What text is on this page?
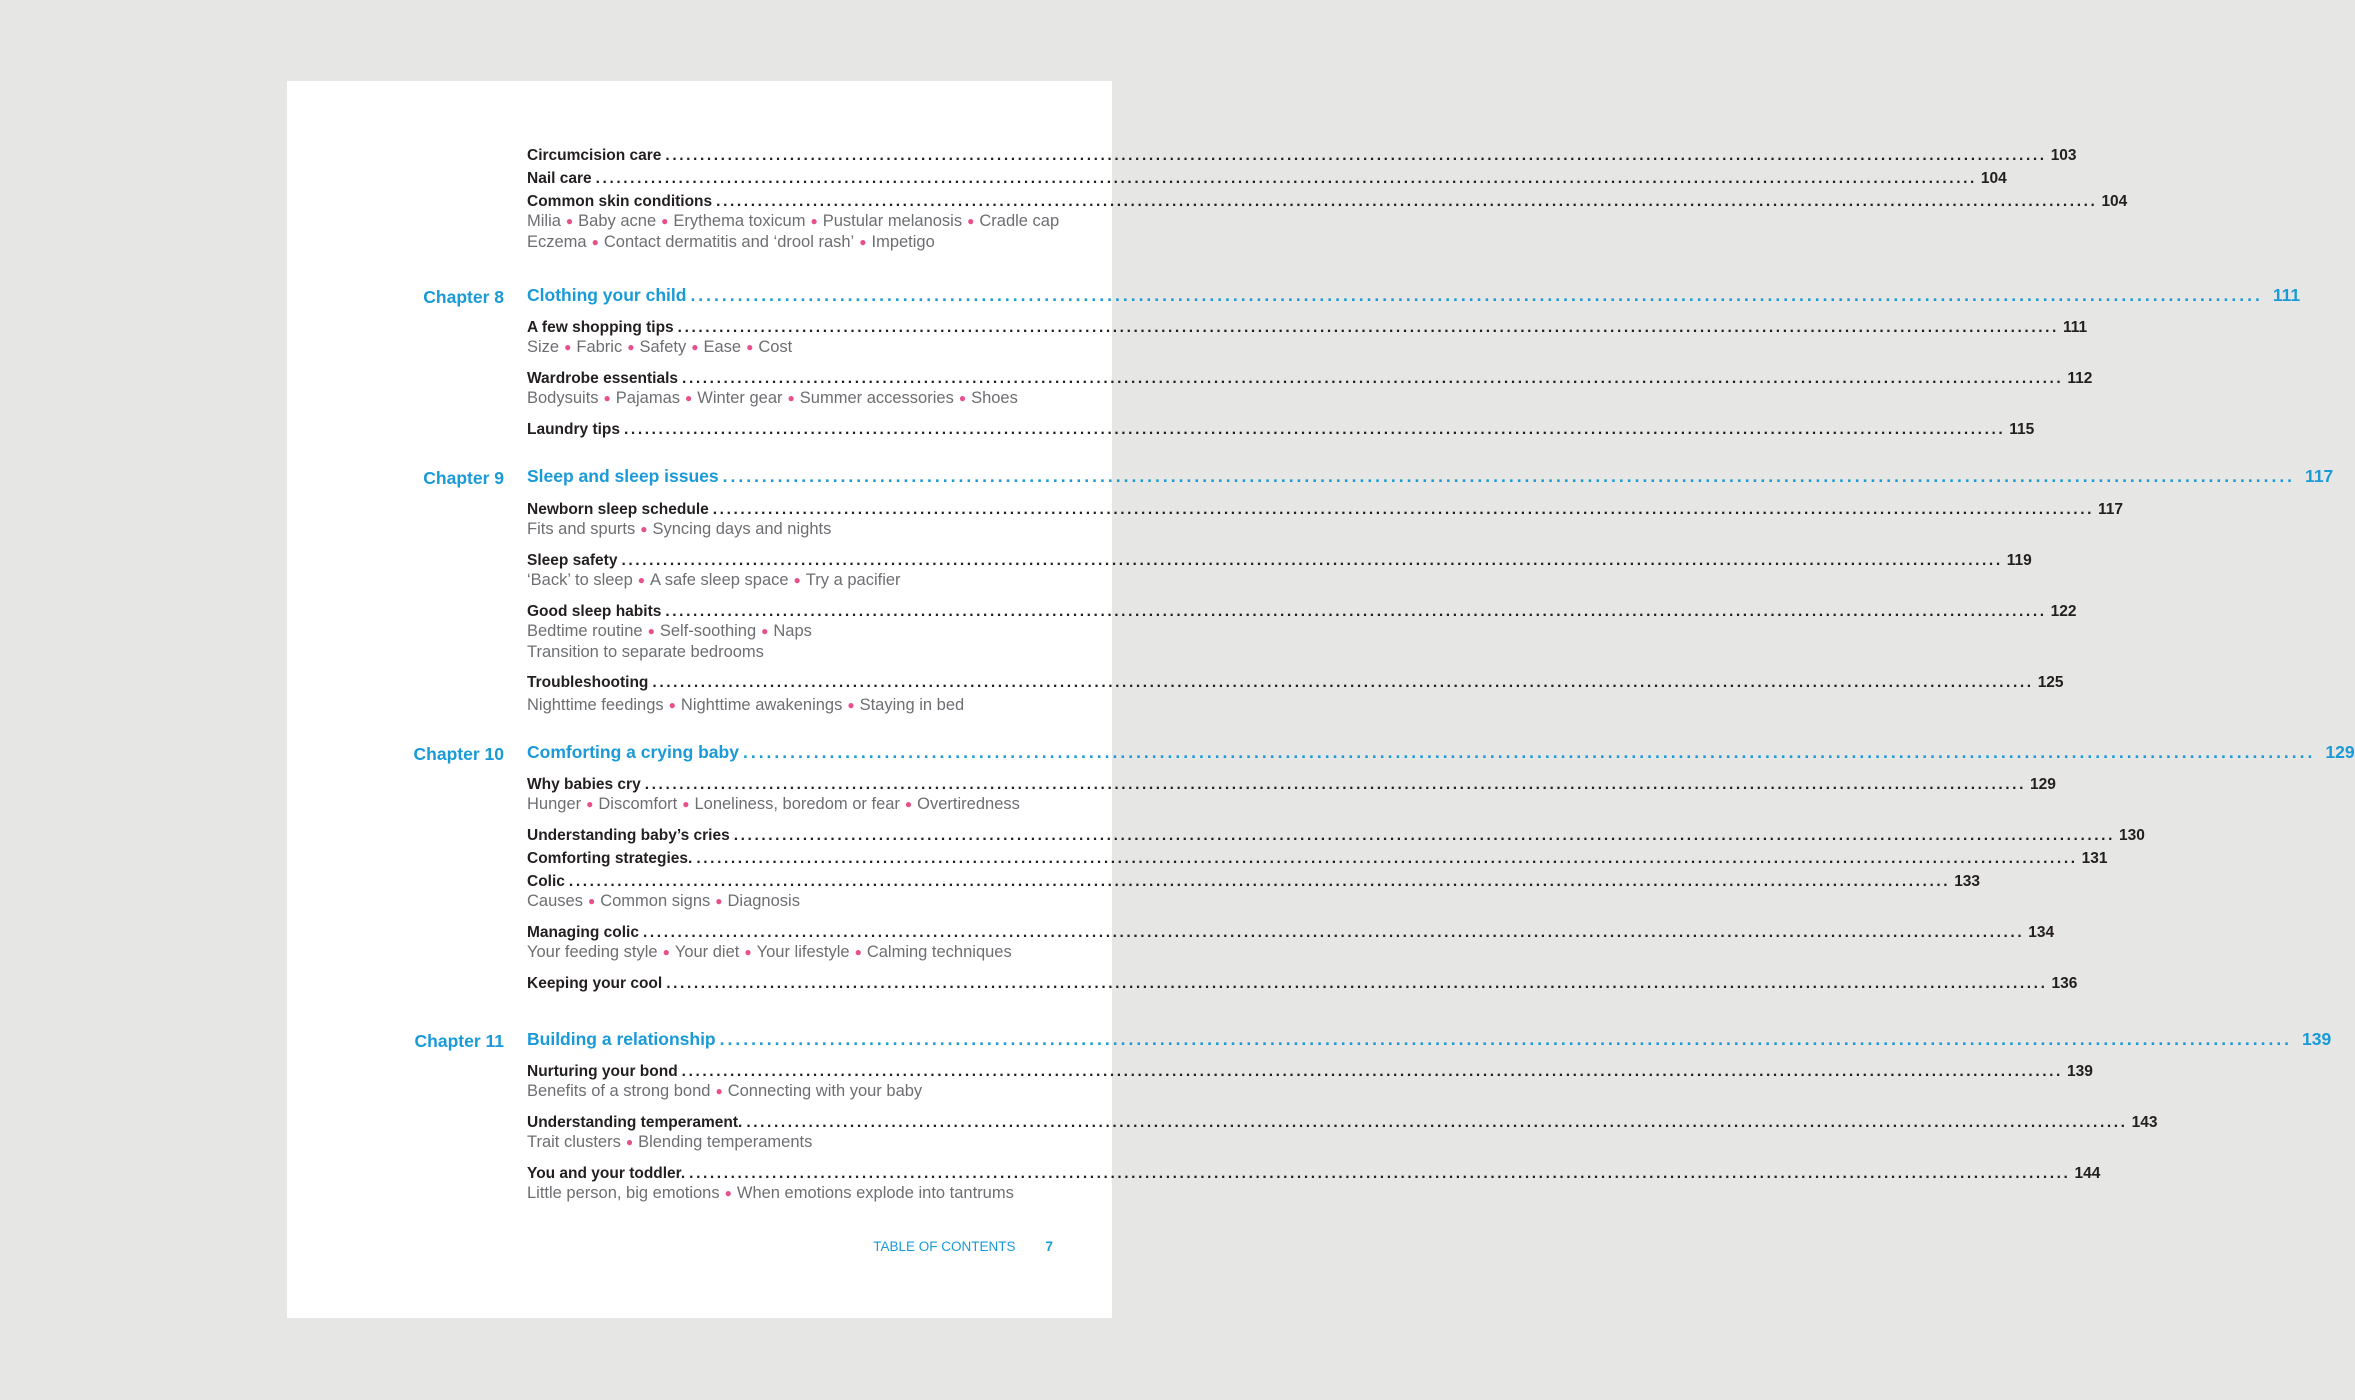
Circumcision care ........................................................................................................................................................................................................ 103
Nail care ........................................................................................................................................................................................................ 104
Common skin conditions ........................................................................................................................................................................................................ 104
Milia ● Baby acne ● Erythema toxicum ● Pustular melanosis ● Cradle cap
Eczema ● Contact dermatitis and ‘drool rash’ ● Impetigo
Chapter 8 Clothing your child ........................................................................................................................................................................................................ 111
A few shopping tips ........................................................................................................................................................................................................ 111
Size ● Fabric ● Safety ● Ease ● Cost
Wardrobe essentials ........................................................................................................................................................................................................ 112
Bodysuits ● Pajamas ● Winter gear ● Summer accessories ● Shoes
Laundry tips ........................................................................................................................................................................................................ 115
Chapter 9 Sleep and sleep issues ........................................................................................................................................................................................................ 117
Newborn sleep schedule ........................................................................................................................................................................................................ 117
Fits and spurts ● Syncing days and nights
Sleep safety ........................................................................................................................................................................................................ 119
‘Back’ to sleep ● A safe sleep space ● Try a pacifier
Good sleep habits ........................................................................................................................................................................................................ 122
Bedtime routine ● Self-soothing ● Naps
Transition to separate bedrooms
Troubleshooting ........................................................................................................................................................................................................ 125
Nighttime feedings ● Nighttime awakenings ● Staying in bed
Chapter 10 Comforting a crying baby ........................................................................................................................................................................................................ 129
Why babies cry ........................................................................................................................................................................................................ 129
Hunger ● Discomfort ● Loneliness, boredom or fear ● Overtiredness
Understanding baby’s cries ........................................................................................................................................................................................................ 130
Comforting strategies. ........................................................................................................................................................................................................ 131
Colic ........................................................................................................................................................................................................ 133
Causes ● Common signs ● Diagnosis
Managing colic ........................................................................................................................................................................................................ 134
Your feeding style ● Your diet ● Your lifestyle ● Calming techniques
Keeping your cool ........................................................................................................................................................................................................ 136
Chapter 11 Building a relationship ........................................................................................................................................................................................................ 139
Nurturing your bond ........................................................................................................................................................................................................ 139
Benefits of a strong bond ● Connecting with your baby
Understanding temperament. ........................................................................................................................................................................................................ 143
Trait clusters ● Blending temperaments
You and your toddler. ........................................................................................................................................................................................................ 144
Little person, big emotions ● When emotions explode into tantrums
TABLE OF CONTENTS 7
